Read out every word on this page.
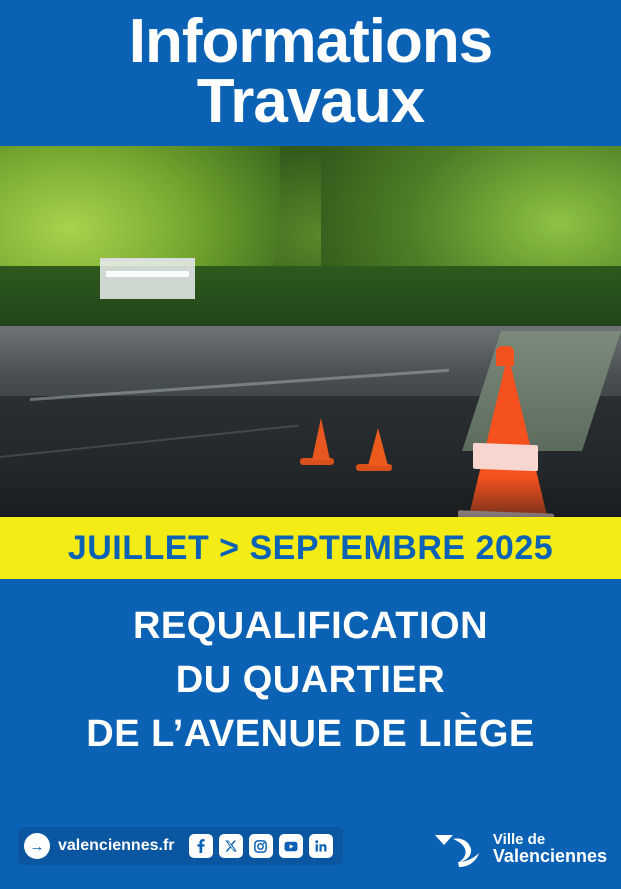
Informations
Travaux
JUILLET > SEPTEMBRE 2025
REQUALIFICATION
DU QUARTIER
DE L’AVENUE DE LIÈGE
→ valenciennes.fr	Ville de
Valenciennes
